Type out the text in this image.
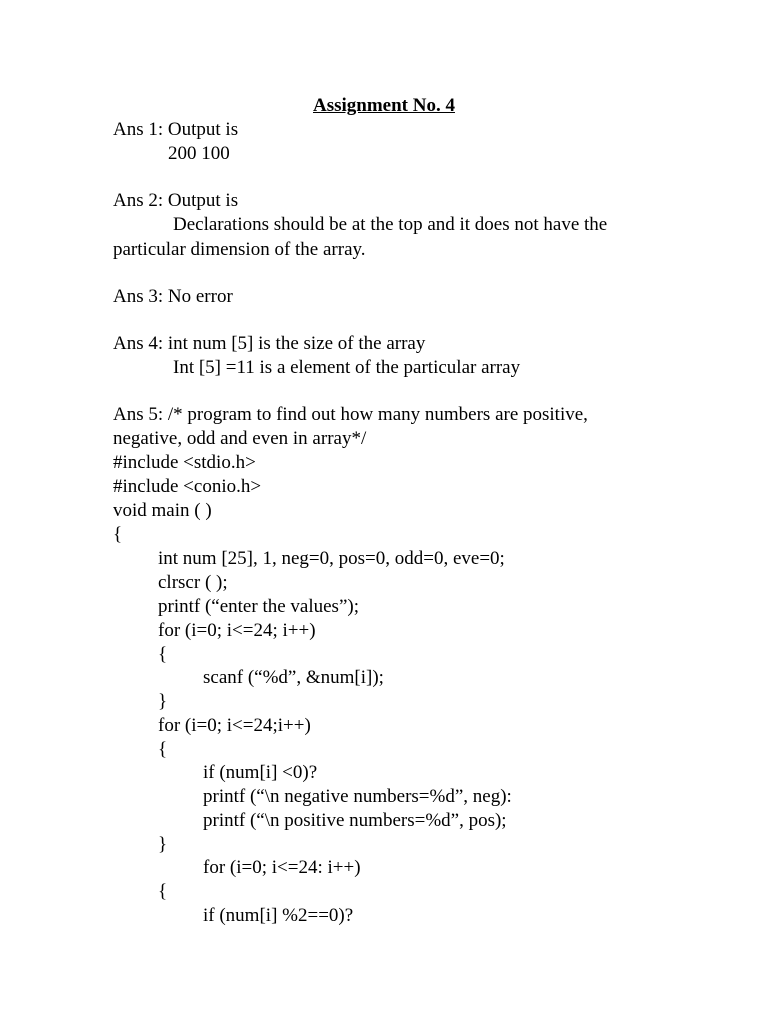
Assignment No. 4
Ans 1: Output is
200 100
Ans 2: Output is
Declarations should be at the top and it does not have the
particular dimension of the array.
Ans 3: No error
Ans 4: int num [5] is the size of the array
Int [5] =11 is a element of the particular array
Ans 5: /* program to find out how many numbers are positive,
negative, odd and even in array*/
#include <stdio.h>
#include <conio.h>
void main ( )
{
int num [25], 1, neg=0, pos=0, odd=0, eve=0;
clrscr ( );
printf (“enter the values”);
for (i=0; i<=24; i++)
{
scanf (“%d”, &num[i]);
}
for (i=0; i<=24;i++)
{
if (num[i] <0)?
printf (“\n negative numbers=%d”, neg):
printf (“\n positive numbers=%d”, pos);
}
for (i=0; i<=24: i++)
{
if (num[i] %2==0)?
